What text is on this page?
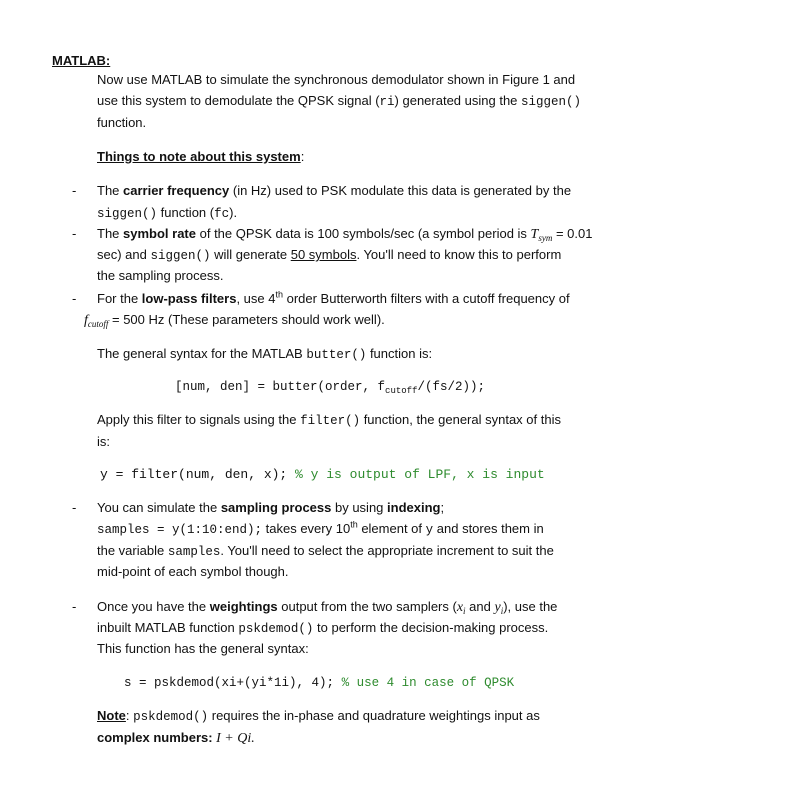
MATLAB:
Now use MATLAB to simulate the synchronous demodulator shown in Figure 1 and
use this system to demodulate the QPSK signal (ri) generated using the siggen()
function.
Things to note about this system:
- The carrier frequency (in Hz) used to PSK modulate this data is generated by the
siggen() function (fc).
- The symbol rate of the QPSK data is 100 symbols/sec (a symbol period is $T_{sym} = 0.01$
sec) and siggen() will generate 50 symbols. You'll need to know this to perform
the sampling process.
- For the low-pass filters, use 4th order Butterworth filters with a cutoff frequency of
$f_{cutoff} = 500$ Hz (These parameters should work well).
The general syntax for the MATLAB butter() function is:
[num, den] = butter(order, $f_{cutoff}/(fs/2)$);
Apply this filter to signals using the filter() function, the general syntax of this
is:
y = filter(num, den, x); % y is output of LPF, x is input
- You can simulate the sampling process by using indexing;
samples = y(1:10:end); takes every 10th element of y and stores them in
the variable samples. You'll need to select the appropriate increment to suit the
mid-point of each symbol though.
- Once you have the weightings output from the two samplers ($x_i$ and $y_i$), use the
inbuilt MATLAB function pskdemod() to perform the decision-making process.
This function has the general syntax:
s = pskdemod(xi+(yi*1i), 4); % use 4 in case of QPSK
Note: pskdemod() requires the in-phase and quadrature weightings input as
complex numbers: I + Qi.
